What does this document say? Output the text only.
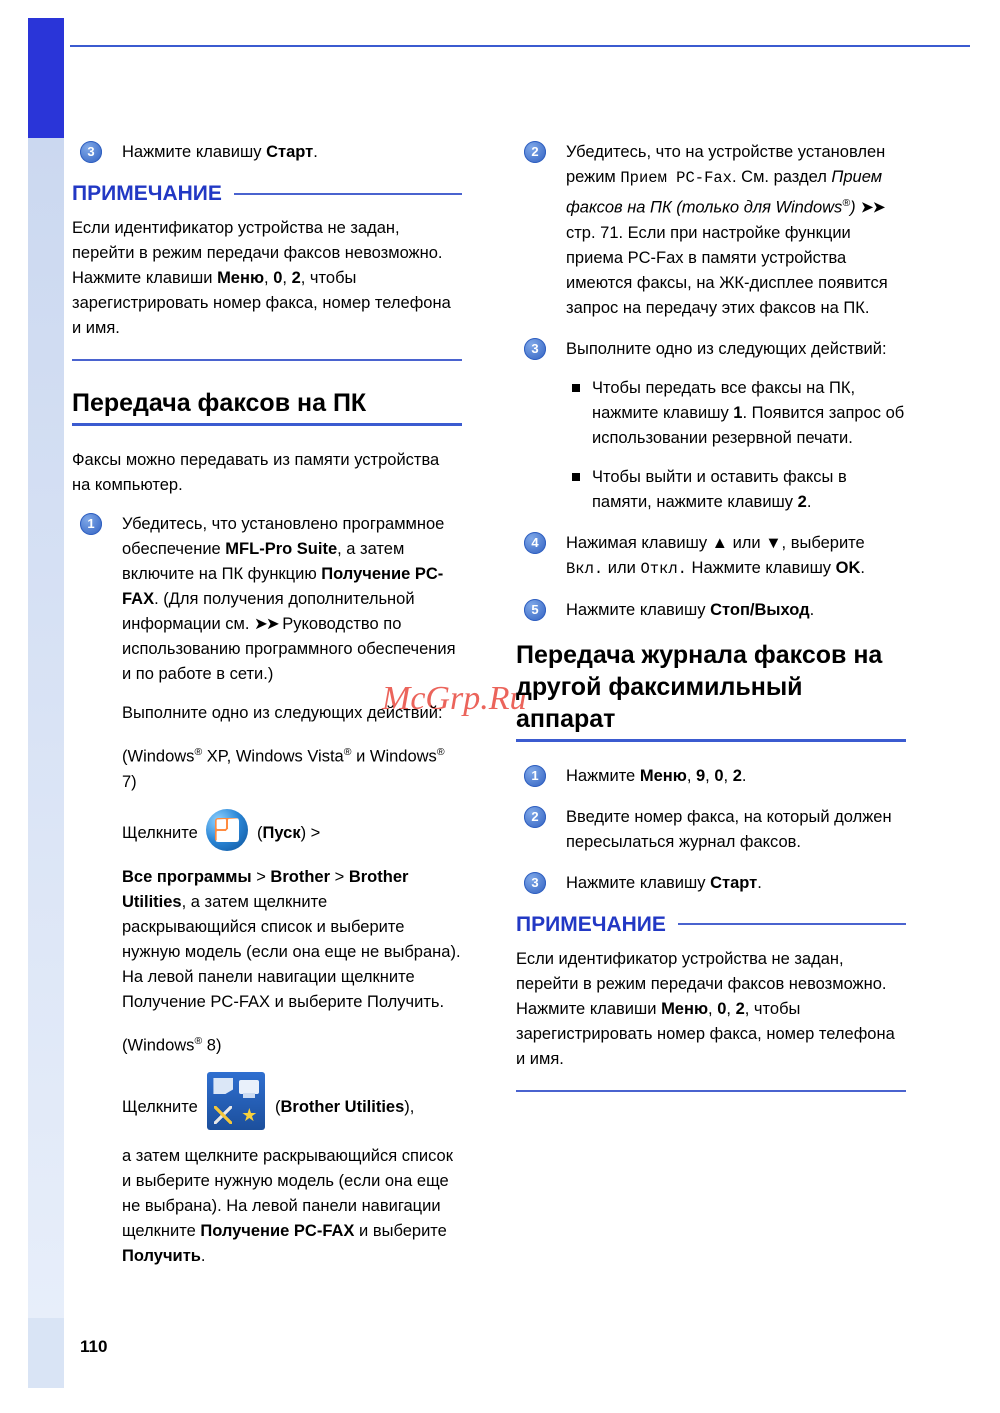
110
McGrp.Ru
3	Нажмите клавишу Старт.
ПРИМЕЧАНИЕ

Если идентификатор устройства не задан, перейти в режим передачи факсов невозможно. Нажмите клавиши Меню, 0, 2, чтобы зарегистрировать номер факса, номер телефона и имя.

Передача факсов на ПК

Факсы можно передавать из памяти устройства на компьютер.

1	Убедитесь, что установлено программное обеспечение MFL-Pro Suite, а затем включите на ПК функцию Получение PC-FAX. (Для получения дополнительной информации см. ➤➤ Руководство по использованию программного обеспечения и по работе в сети.)

Выполните одно из следующих действий:

(Windows® XP, Windows Vista® и Windows® 7)

Щелкните	(Пуск) >

Все программы > Brother > Brother Utilities, а затем щелкните раскрывающийся список и выберите нужную модель (если она еще не выбрана). На левой панели навигации щелкните Получение PC-FAX и выберите Получить.

(Windows® 8)

Щелкните ★ (Brother Utilities),

а затем щелкните раскрывающийся список и выберите нужную модель (если она еще не выбрана). На левой панели навигации щелкните Получение PC-FAX и выберите Получить.

2	Убедитесь, что на устройстве установлен режим Прием PC-Fax. См. раздел Прием факсов на ПК (только для Windows®) ➤➤ стр. 71. Если при настройке функции приема PC-Fax в памяти устройства имеются факсы, на ЖК-дисплее появится запрос на передачу этих факсов на ПК.
3	Выполните одно из следующих действий:

Чтобы передать все факсы на ПК, нажмите клавишу 1. Появится запрос об использовании резервной печати.
Чтобы выйти и оставить факсы в памяти, нажмите клавишу 2.
4	Нажимая клавишу ▲ или ▼, выберите Вкл. или Откл. Нажмите клавишу OK.
5	Нажмите клавишу Стоп/Выход.
Передача журнала факсов на другой факсимильный аппарат
1	Нажмите Меню, 9, 0, 2.
2	Введите номер факса, на который должен пересылаться журнал факсов.
3	Нажмите клавишу Старт.
ПРИМЕЧАНИЕ

Если идентификатор устройства не задан, перейти в режим передачи факсов невозможно. Нажмите клавиши Меню, 0, 2, чтобы зарегистрировать номер факса, номер телефона и имя.
